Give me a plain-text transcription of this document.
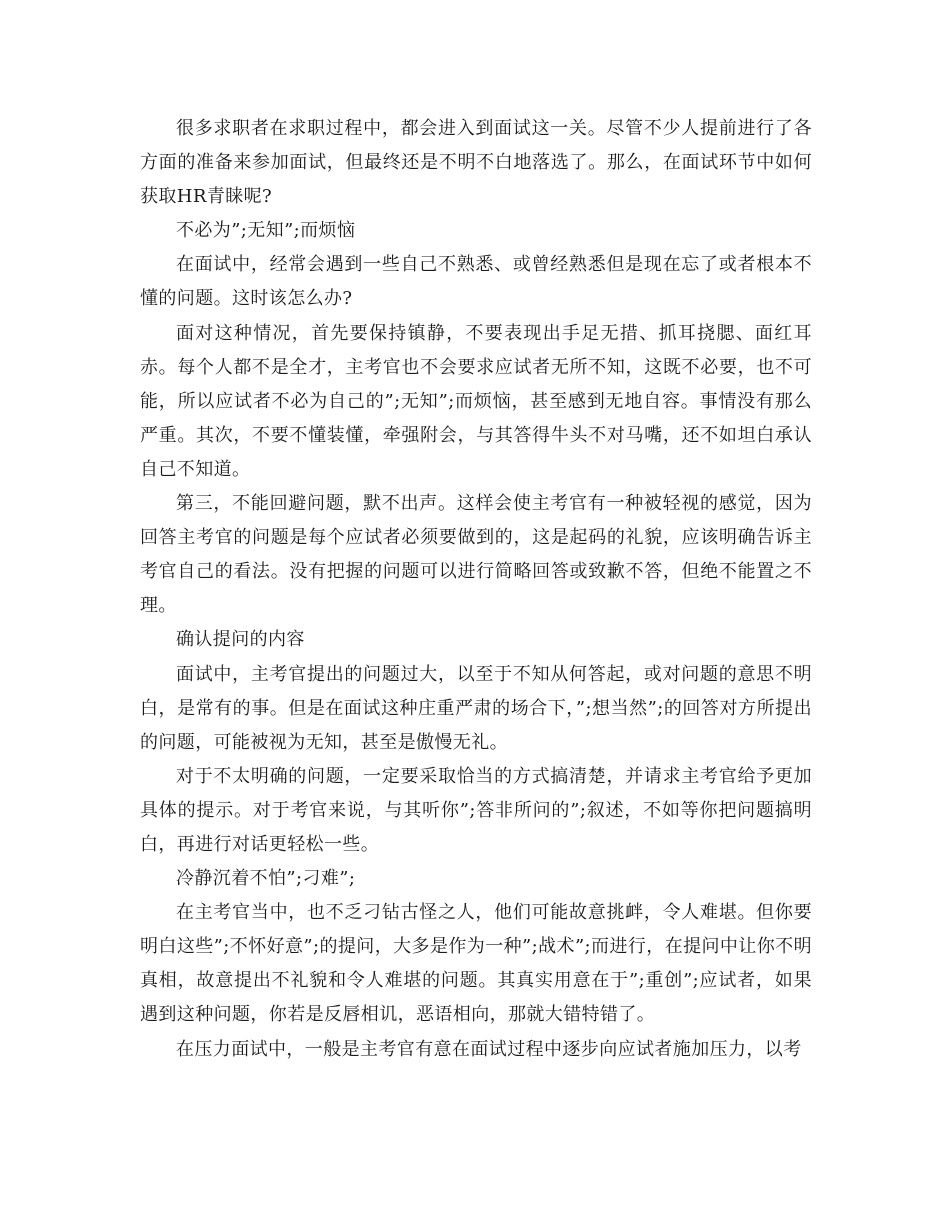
很多求职者在求职过程中，都会进入到面试这一关。尽管不少人提前进行了各方面的准备来参加面试，但最终还是不明不白地落选了。那么，在面试环节中如何获取HR青睐呢?

不必为”;无知”;而烦恼

在面试中，经常会遇到一些自己不熟悉、或曾经熟悉但是现在忘了或者根本不懂的问题。这时该怎么办?

面对这种情况，首先要保持镇静，不要表现出手足无措、抓耳挠腮、面红耳赤。每个人都不是全才，主考官也不会要求应试者无所不知，这既不必要，也不可能，所以应试者不必为自己的”;无知”;而烦恼，甚至感到无地自容。事情没有那么严重。其次，不要不懂装懂，牵强附会，与其答得牛头不对马嘴，还不如坦白承认自己不知道。

第三，不能回避问题，默不出声。这样会使主考官有一种被轻视的感觉，因为回答主考官的问题是每个应试者必须要做到的，这是起码的礼貌，应该明确告诉主考官自己的看法。没有把握的问题可以进行简略回答或致歉不答，但绝不能置之不理。

确认提问的内容

面试中，主考官提出的问题过大，以至于不知从何答起，或对问题的意思不明白，是常有的事。但是在面试这种庄重严肃的场合下，”;想当然”;的回答对方所提出的问题，可能被视为无知，甚至是傲慢无礼。

对于不太明确的问题，一定要采取恰当的方式搞清楚，并请求主考官给予更加具体的提示。对于考官来说，与其听你”;答非所问的”;叙述，不如等你把问题搞明白，再进行对话更轻松一些。

冷静沉着不怕”;刁难”;

在主考官当中，也不乏刁钻古怪之人，他们可能故意挑衅，令人难堪。但你要明白这些”;不怀好意”;的提问，大多是作为一种”;战术”;而进行，在提问中让你不明真相，故意提出不礼貌和令人难堪的问题。其真实用意在于”;重创”;应试者，如果遇到这种问题，你若是反唇相讥，恶语相向，那就大错特错了。

在压力面试中，一般是主考官有意在面试过程中逐步向应试者施加压力，以考
